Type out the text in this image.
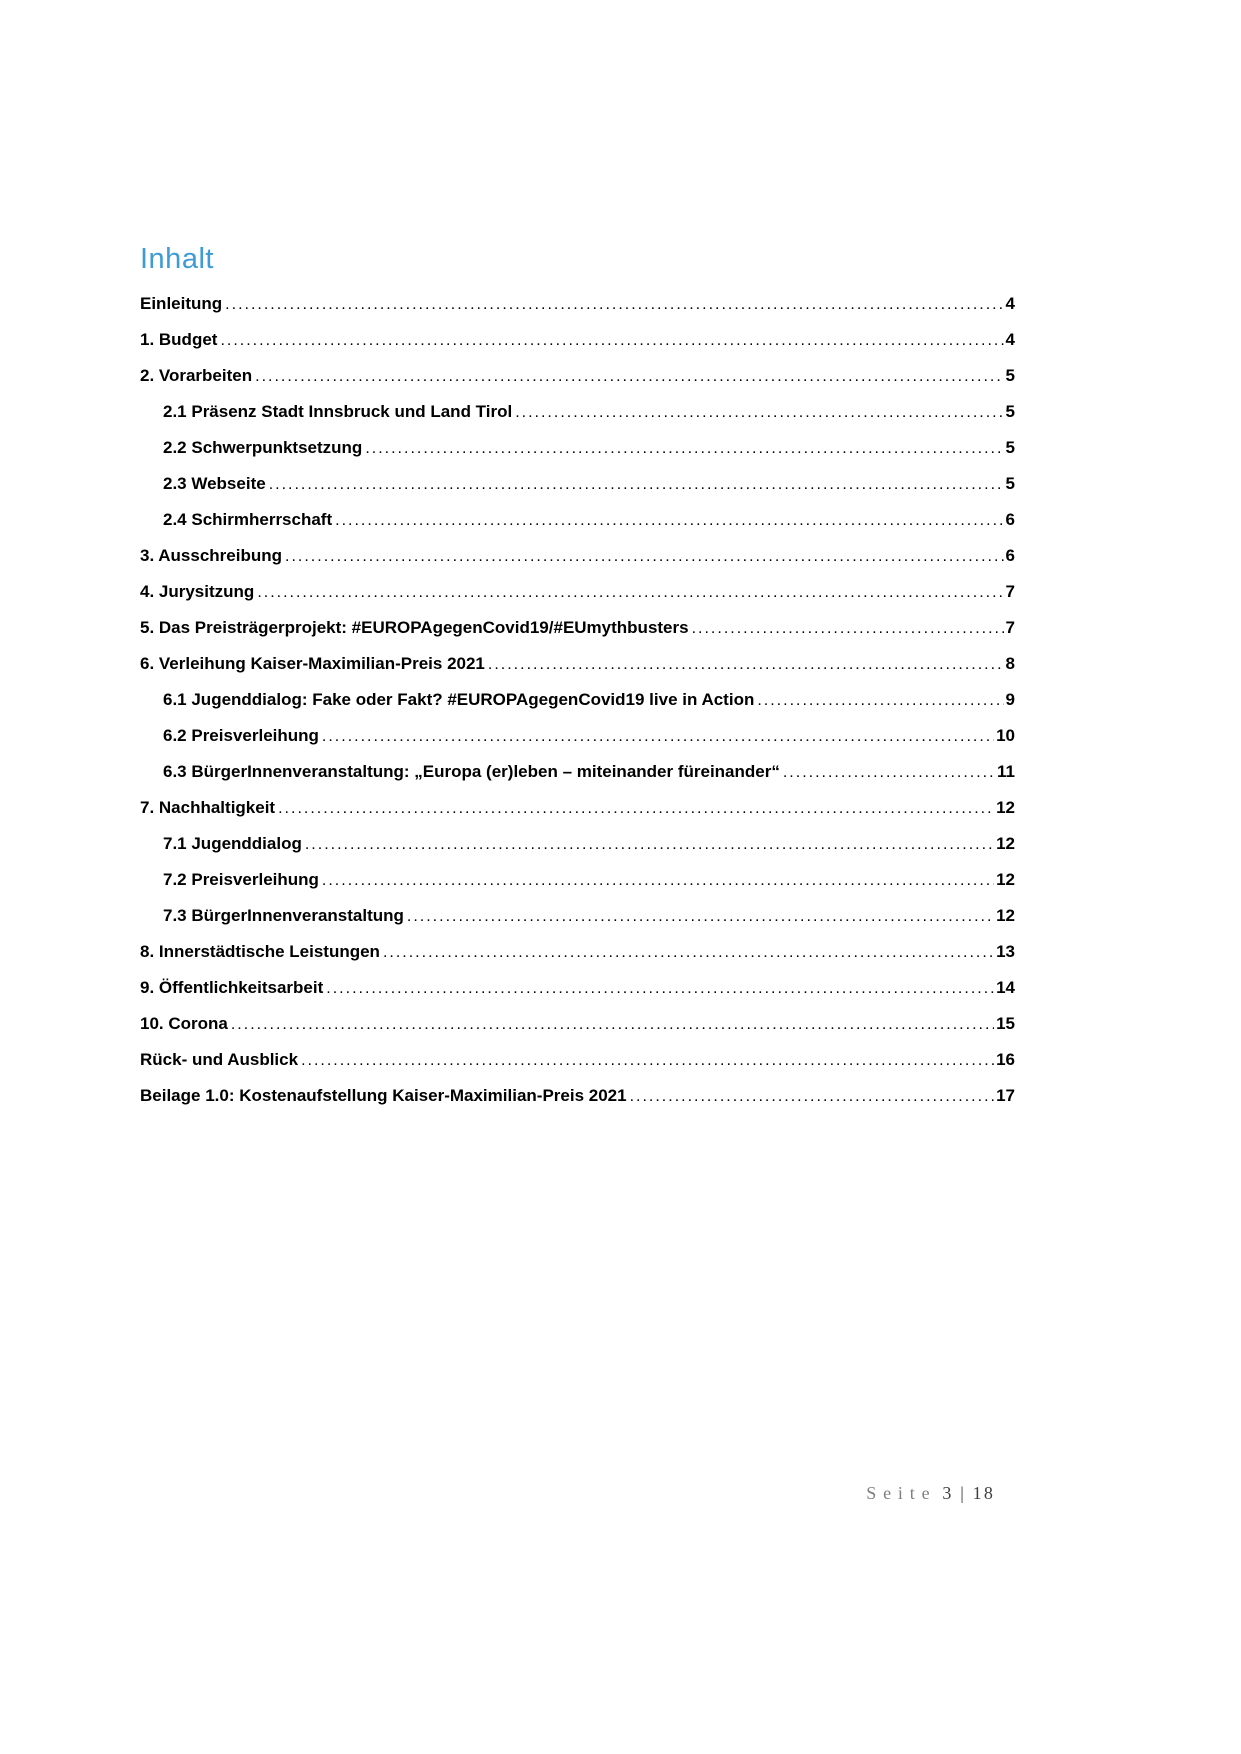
Inhalt
Einleitung .....	4
1. Budget .....	4
2. Vorarbeiten .....	5
2.1 Präsenz Stadt Innsbruck und Land Tirol .....	5
2.2 Schwerpunktsetzung .....	5
2.3 Webseite .....	5
2.4 Schirmherrschaft .....	6
3. Ausschreibung .....	6
4. Jurysitzung .....	7
5. Das Preisträgerprojekt: #EUROPAgegenCovid19/#EUmythbusters .....	7
6. Verleihung Kaiser-Maximilian-Preis 2021 .....	8
6.1 Jugenddialog: Fake oder Fakt? #EUROPAgegenCovid19 live in Action .....	9
6.2 Preisverleihung .....	10
6.3 BürgerInnenveranstaltung: „Europa (er)leben – miteinander füreinander“ .....	11
7. Nachhaltigkeit .....	12
7.1 Jugenddialog .....	12
7.2 Preisverleihung .....	12
7.3 BürgerInnenveranstaltung .....	12
8. Innerstädtische Leistungen .....	13
9. Öffentlichkeitsarbeit .....	14
10. Corona .....	15
Rück- und Ausblick .....	16
Beilage 1.0: Kostenaufstellung Kaiser-Maximilian-Preis 2021 .....	17
Seite 3 | 18
